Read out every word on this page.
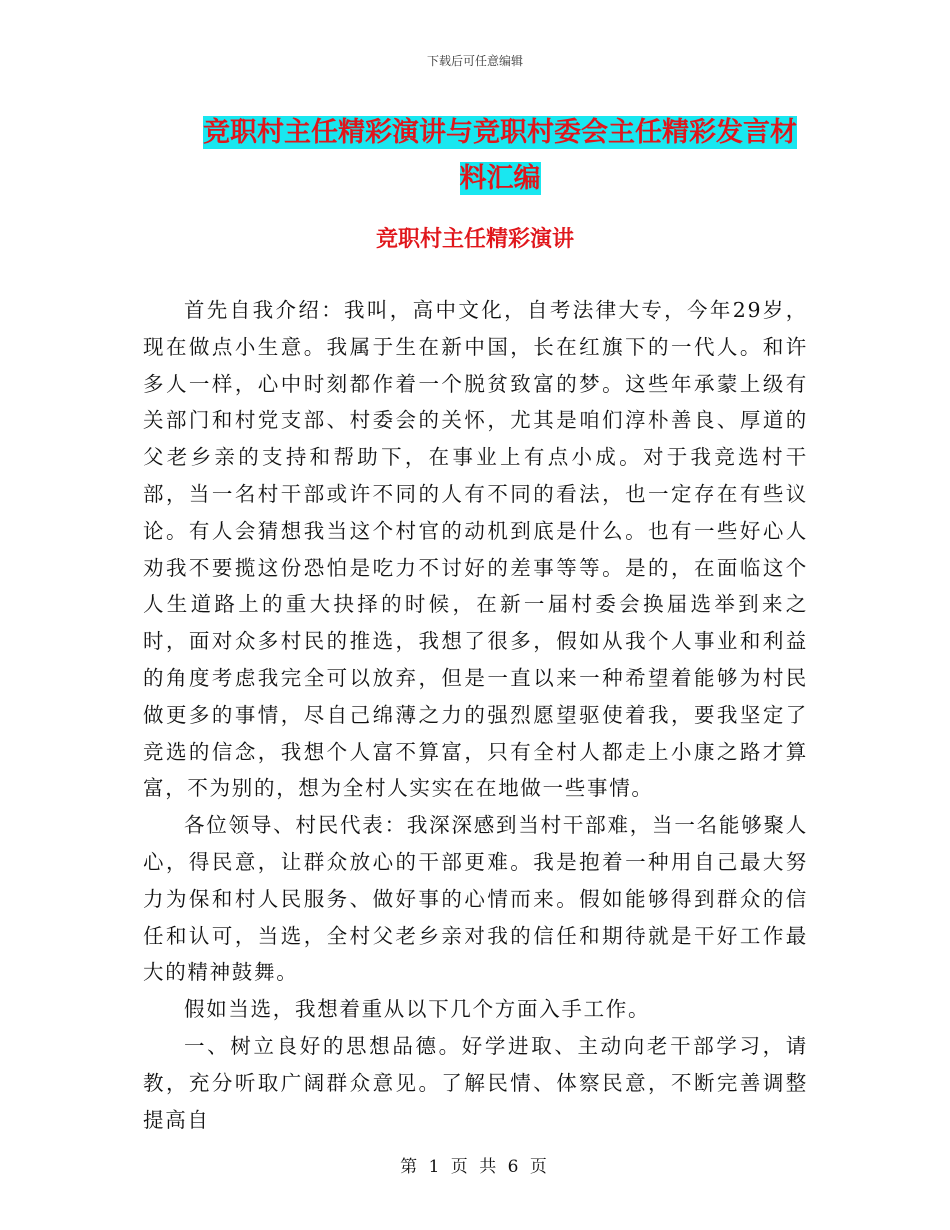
下载后可任意编辑
竞职村主任精彩演讲与竞职村委会主任精彩发言材料汇编
竞职村主任精彩演讲

首先自我介绍：我叫，高中文化，自考法律大专，今年29岁，现在做点小生意。我属于生在新中国，长在红旗下的一代人。和许多人一样，心中时刻都作着一个脱贫致富的梦。这些年承蒙上级有关部门和村党支部、村委会的关怀，尤其是咱们淳朴善良、厚道的父老乡亲的支持和帮助下，在事业上有点小成。对于我竞选村干部，当一名村干部或许不同的人有不同的看法，也一定存在有些议论。有人会猜想我当这个村官的动机到底是什么。也有一些好心人劝我不要揽这份恐怕是吃力不讨好的差事等等。是的，在面临这个人生道路上的重大抉择的时候，在新一届村委会换届选举到来之时，面对众多村民的推选，我想了很多，假如从我个人事业和利益的角度考虑我完全可以放弃，但是一直以来一种希望着能够为村民做更多的事情，尽自己绵薄之力的强烈愿望驱使着我，要我坚定了竞选的信念，我想个人富不算富，只有全村人都走上小康之路才算富，不为别的，想为全村人实实在在地做一些事情。

各位领导、村民代表：我深深感到当村干部难，当一名能够聚人心，得民意，让群众放心的干部更难。我是抱着一种用自己最大努力为保和村人民服务、做好事的心情而来。假如能够得到群众的信任和认可，当选，全村父老乡亲对我的信任和期待就是干好工作最大的精神鼓舞。

假如当选，我想着重从以下几个方面入手工作。

一、树立良好的思想品德。好学进取、主动向老干部学习，请教，充分听取广阔群众意见。了解民情、体察民意，不断完善调整提高自

第 1 页 共 6 页
